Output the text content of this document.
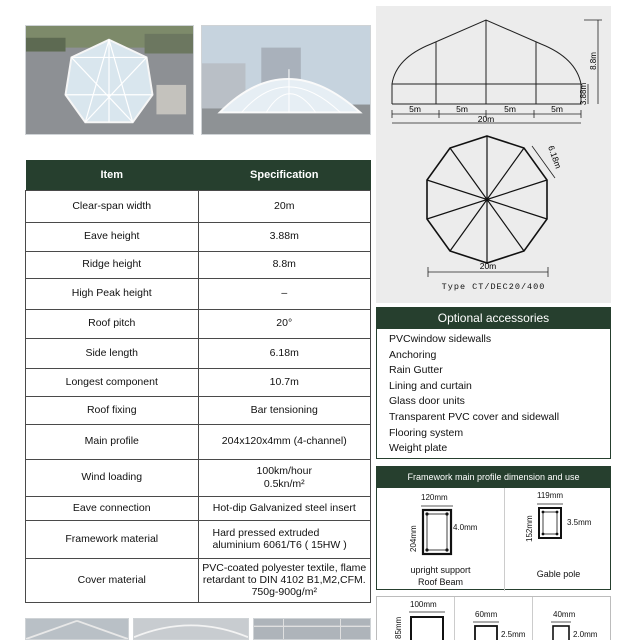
Item	Specification
Clear-span width	20m
Eave height	3.88m
Ridge height	8.8m
High Peak height	–
Roof pitch	20°
Side length	6.18m
Longest component	10.7m
Roof fixing	Bar tensioning
Main profile	204x120x4mm (4-channel)
Wind loading	100km/hour
0.5kn/m²

Eave connection	Hot-dip Galvanized steel insert
Framework material	Hard pressed extruded
aluminium 6061/T6 ( 15HW )

Cover material	PVC-coated polyester textile, flame
retardant to DIN 4102 B1,M2,CFM.
750g-900g/m²
5m	5m	5m	5m
20m
3.88m
8.8m
20m
6.18m
Type CT/DEC20/400
Optional accessories
PVCwindow sidewalls
Anchoring
Rain Gutter
Lining and curtain
Glass door units
Transparent PVC cover and sidewall
Flooring system
Weight plate
Framework main profile dimension and use
120mm
204mm	4.0mm
upright support
Roof Beam
119mm
152mm	3.5mm
Gable pole
100mm
85mm
60mm
2.5mm
40mm
2.0mm
